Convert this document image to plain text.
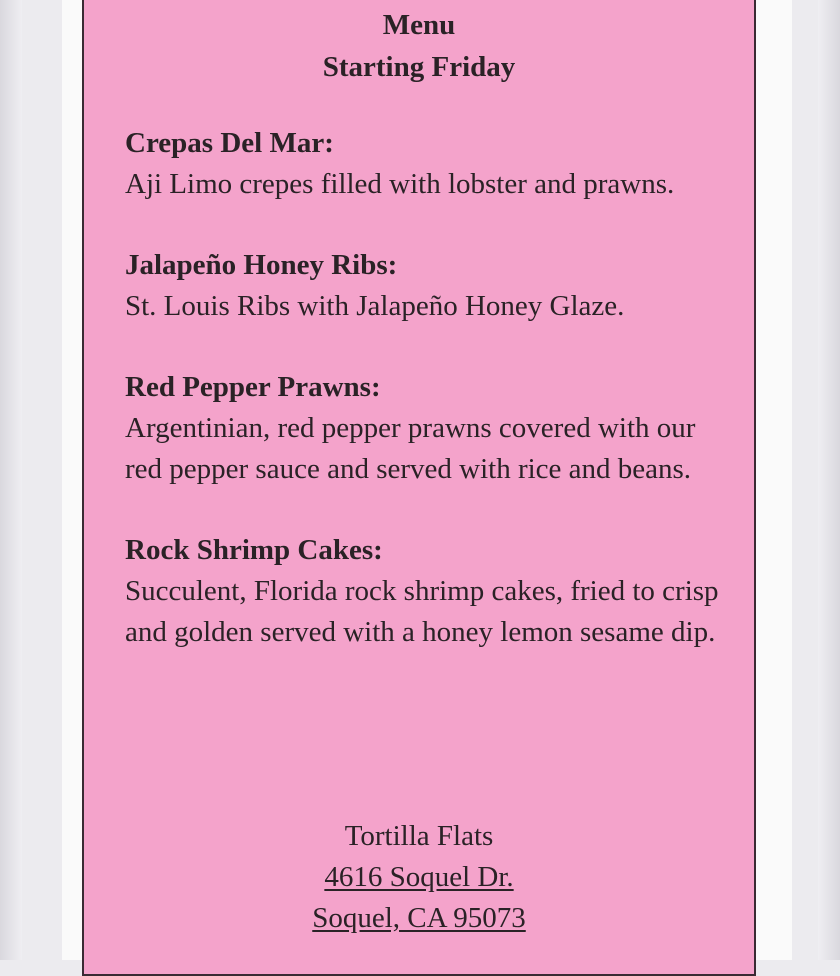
Menu
Starting Friday
Crepas Del Mar:
Aji Limo crepes filled with lobster and prawns.
Jalapeño Honey Ribs:
St. Louis Ribs with Jalapeño Honey Glaze.
Red Pepper Prawns:
Argentinian, red pepper prawns covered with our red pepper sauce and served with rice and beans.
Rock Shrimp Cakes:
Succulent, Florida rock shrimp cakes, fried to crisp and golden served with a honey lemon sesame dip.
Tortilla Flats
4616 Soquel Dr.
Soquel, CA 95073
